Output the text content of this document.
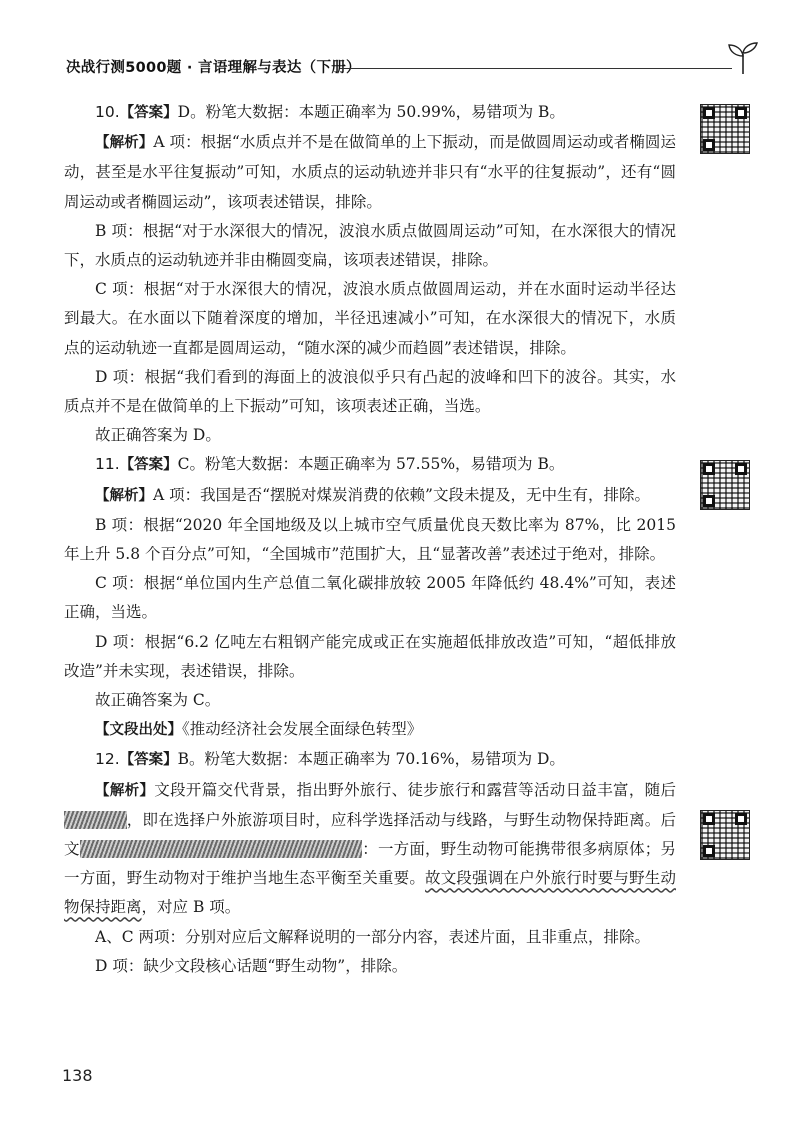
决战行测5000题 · 言语理解与表达（下册）

10.【答案】D。粉笔大数据：本题正确率为 50.99%，易错项为 B。

【解析】A 项：根据“水质点并不是在做简单的上下振动，而是做圆周运动或者椭圆运动，甚至是水平往复振动”可知，水质点的运动轨迹并非只有“水平的往复振动”，还有“圆周运动或者椭圆运动”，该项表述错误，排除。

B 项：根据“对于水深很大的情况，波浪水质点做圆周运动”可知，在水深很大的情况下，水质点的运动轨迹并非由椭圆变扁，该项表述错误，排除。

C 项：根据“对于水深很大的情况，波浪水质点做圆周运动，并在水面时运动半径达到最大。在水面以下随着深度的增加，半径迅速减小”可知，在水深很大的情况下，水质点的运动轨迹一直都是圆周运动，“随水深的减少而趋圆”表述错误，排除。

D 项：根据“我们看到的海面上的波浪似乎只有凸起的波峰和凹下的波谷。其实，水质点并不是在做简单的上下振动”可知，该项表述正确，当选。

故正确答案为 D。

11.【答案】C。粉笔大数据：本题正确率为 57.55%，易错项为 B。

【解析】A 项：我国是否“摆脱对煤炭消费的依赖”文段未提及，无中生有，排除。

B 项：根据“2020 年全国地级及以上城市空气质量优良天数比率为 87%，比 2015 年上升 5.8 个百分点”可知，“全国城市”范围扩大，且“显著改善”表述过于绝对，排除。

C 项：根据“单位国内生产总值二氧化碳排放较 2005 年降低约 48.4%”可知，表述正确，当选。

D 项：根据“6.2 亿吨左右粗钢产能完成或正在实施超低排放改造”可知，“超低排放改造”并未实现，表述错误，排除。

故正确答案为 C。

【文段出处】《推动经济社会发展全面绿色转型》

12.【答案】B。粉笔大数据：本题正确率为 70.16%，易错项为 D。

【解析】文段开篇交代背景，指出野外旅行、徒步旅行和露营等活动日益丰富，随后，即在选择户外旅游项目时，应科学选择活动与线路，与野生动物保持距离。后文	：一方面，野生动物可能携带很多病原体；另一方面，野生动物对于维护当地生态平衡至关重要。故文段强调在户外旅行时要与野生动物保持距离，对应 B 项。

A、C 两项：分别对应后文解释说明的一部分内容，表述片面，且非重点，排除。

D 项：缺少文段核心话题“野生动物”，排除。

138
